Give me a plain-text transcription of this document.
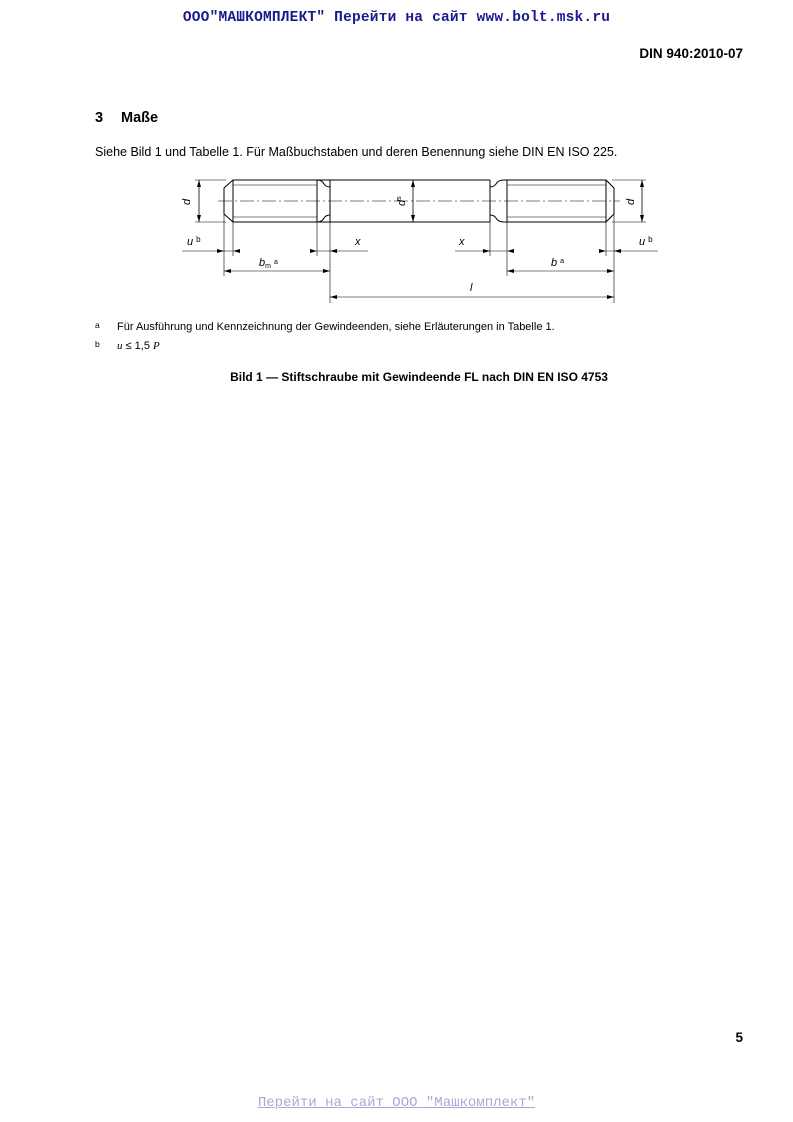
ООО"МАШКОМПЛЕКТ" Перейти на сайт www.bolt.msk.ru
DIN 940:2010-07
3 Maße
Siehe Bild 1 und Tabelle 1. Für Maßbuchstaben und deren Benennung siehe DIN EN ISO 225.
d	d
$d^s$
u $^b$	x	x	u $^b$
$bm^a$	b $^a$
l
a Für Ausführung und Kennzeichnung der Gewindeenden, siehe Erläuterungen in Tabelle 1.
b u ≤ 1,5 P
Bild 1 — Stiftschraube mit Gewindeende FL nach DIN EN ISO 4753
5
Перейти на сайт ООО "Машкомплект"
